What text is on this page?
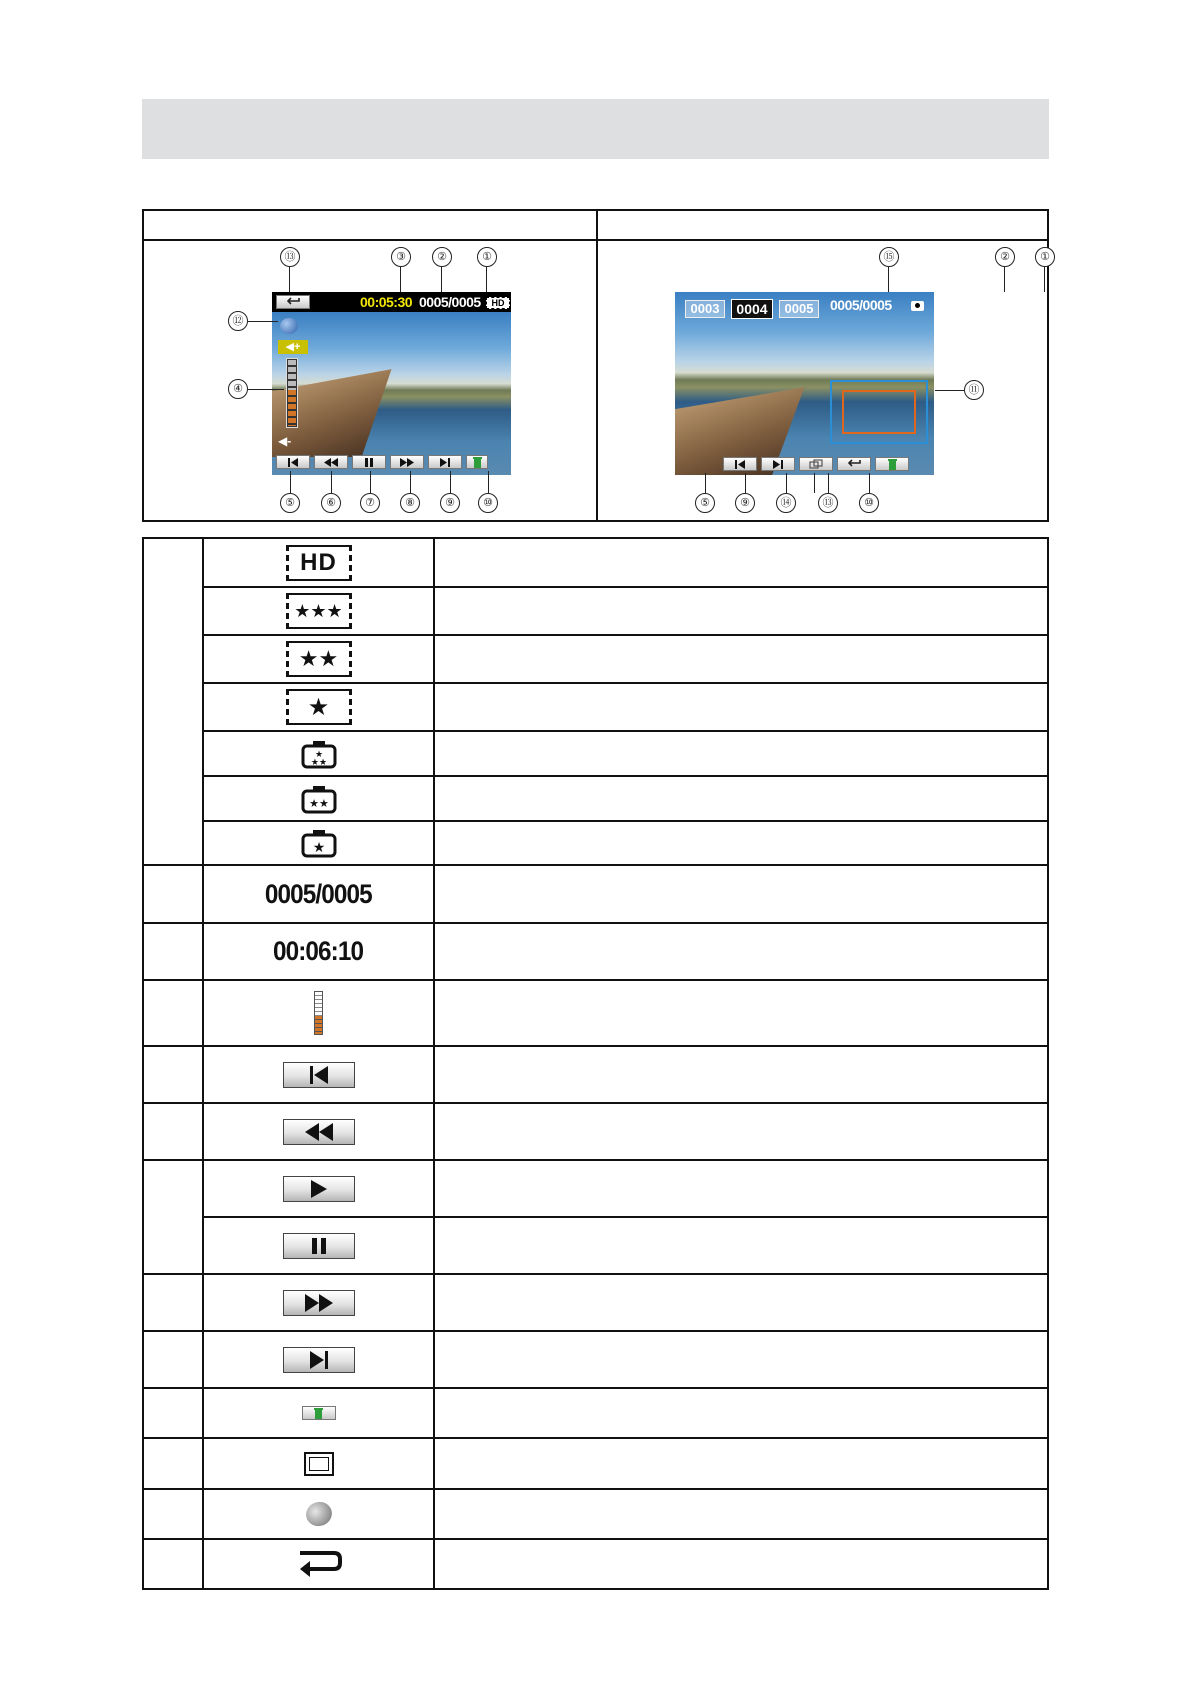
00:05:30 0005/0005	HD
◀+
◀-
⑬	③	②	①
⑫
④
⑤	⑥	⑦	⑧	⑨	⑩
0003	0004	0005	0005/0005
⑮	②	①
⑤	⑨	⑭	⑬	⑩
⑪
HD
★★★
★★
★
★
★★
★★
★
0005/0005
00:06:10
